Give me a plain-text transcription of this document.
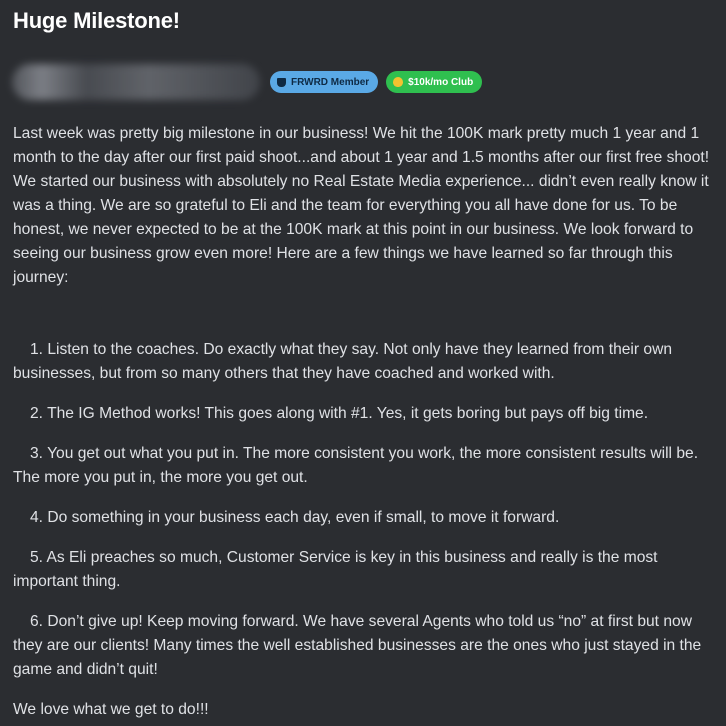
Huge Milestone!
FRWRD Member	$10k/mo Club

Last week was pretty big milestone in our business! We hit the 100K mark pretty much 1 year and 1 month to the day after our first paid shoot...and about 1 year and 1.5 months after our first free shoot! We started our business with absolutely no Real Estate Media experience... didn’t even really know it was a thing. We are so grateful to Eli and the team for everything you all have done for us. To be honest, we never expected to be at the 100K mark at this point in our business. We look forward to seeing our business grow even more! Here are a few things we have learned so far through this journey:

1. Listen to the coaches. Do exactly what they say. Not only have they learned from their own businesses, but from so many others that they have coached and worked with.

2. The IG Method works! This goes along with #1. Yes, it gets boring but pays off big time.

3. You get out what you put in. The more consistent you work, the more consistent results will be. The more you put in, the more you get out.

4. Do something in your business each day, even if small, to move it forward.

5. As Eli preaches so much, Customer Service is key in this business and really is the most important thing.

6. Don’t give up! Keep moving forward. We have several Agents who told us “no” at first but now they are our clients! Many times the well established businesses are the ones who just stayed in the game and didn’t quit!

We love what we get to do!!!
